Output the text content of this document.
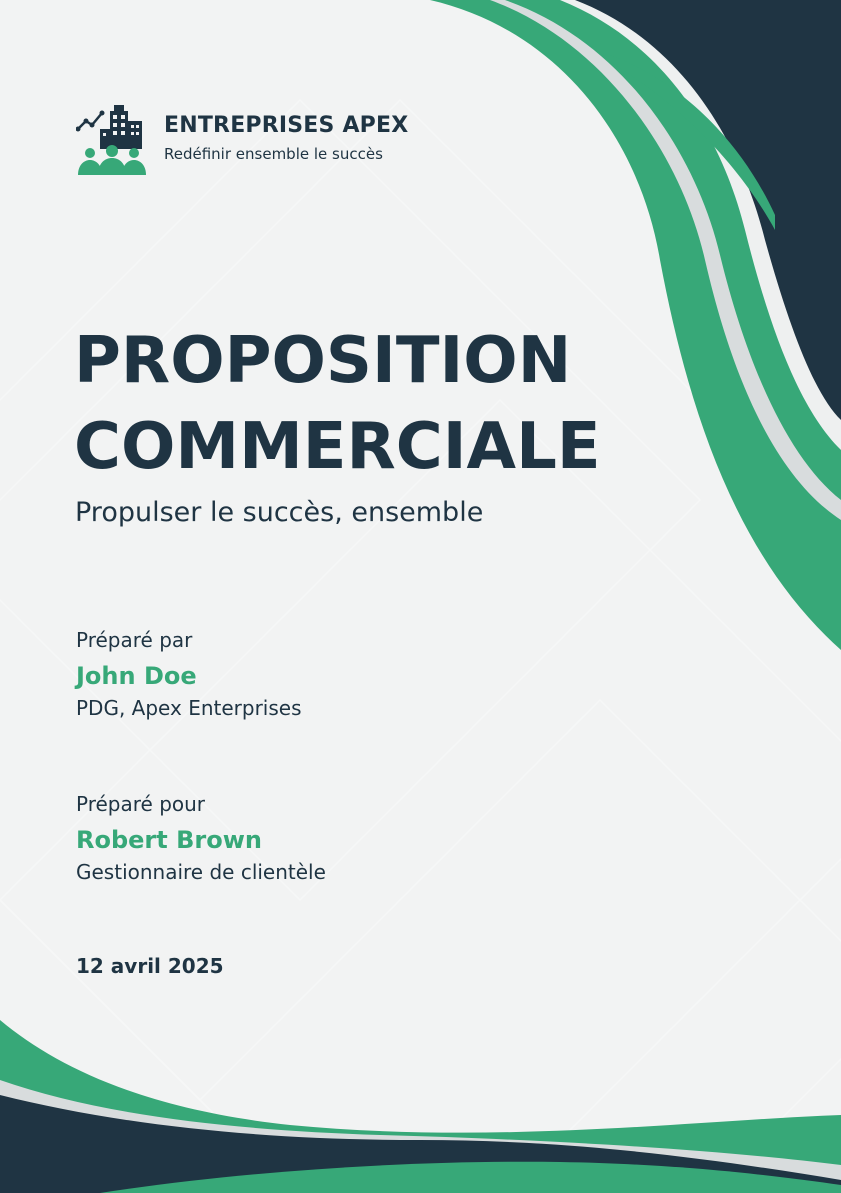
ENTREPRISES APEX
Redéfinir ensemble le succès
PROPOSITION
COMMERCIALE
Propulser le succès, ensemble
Préparé par
John Doe
PDG, Apex Enterprises
Préparé pour
Robert Brown
Gestionnaire de clientèle
12 avril 2025
